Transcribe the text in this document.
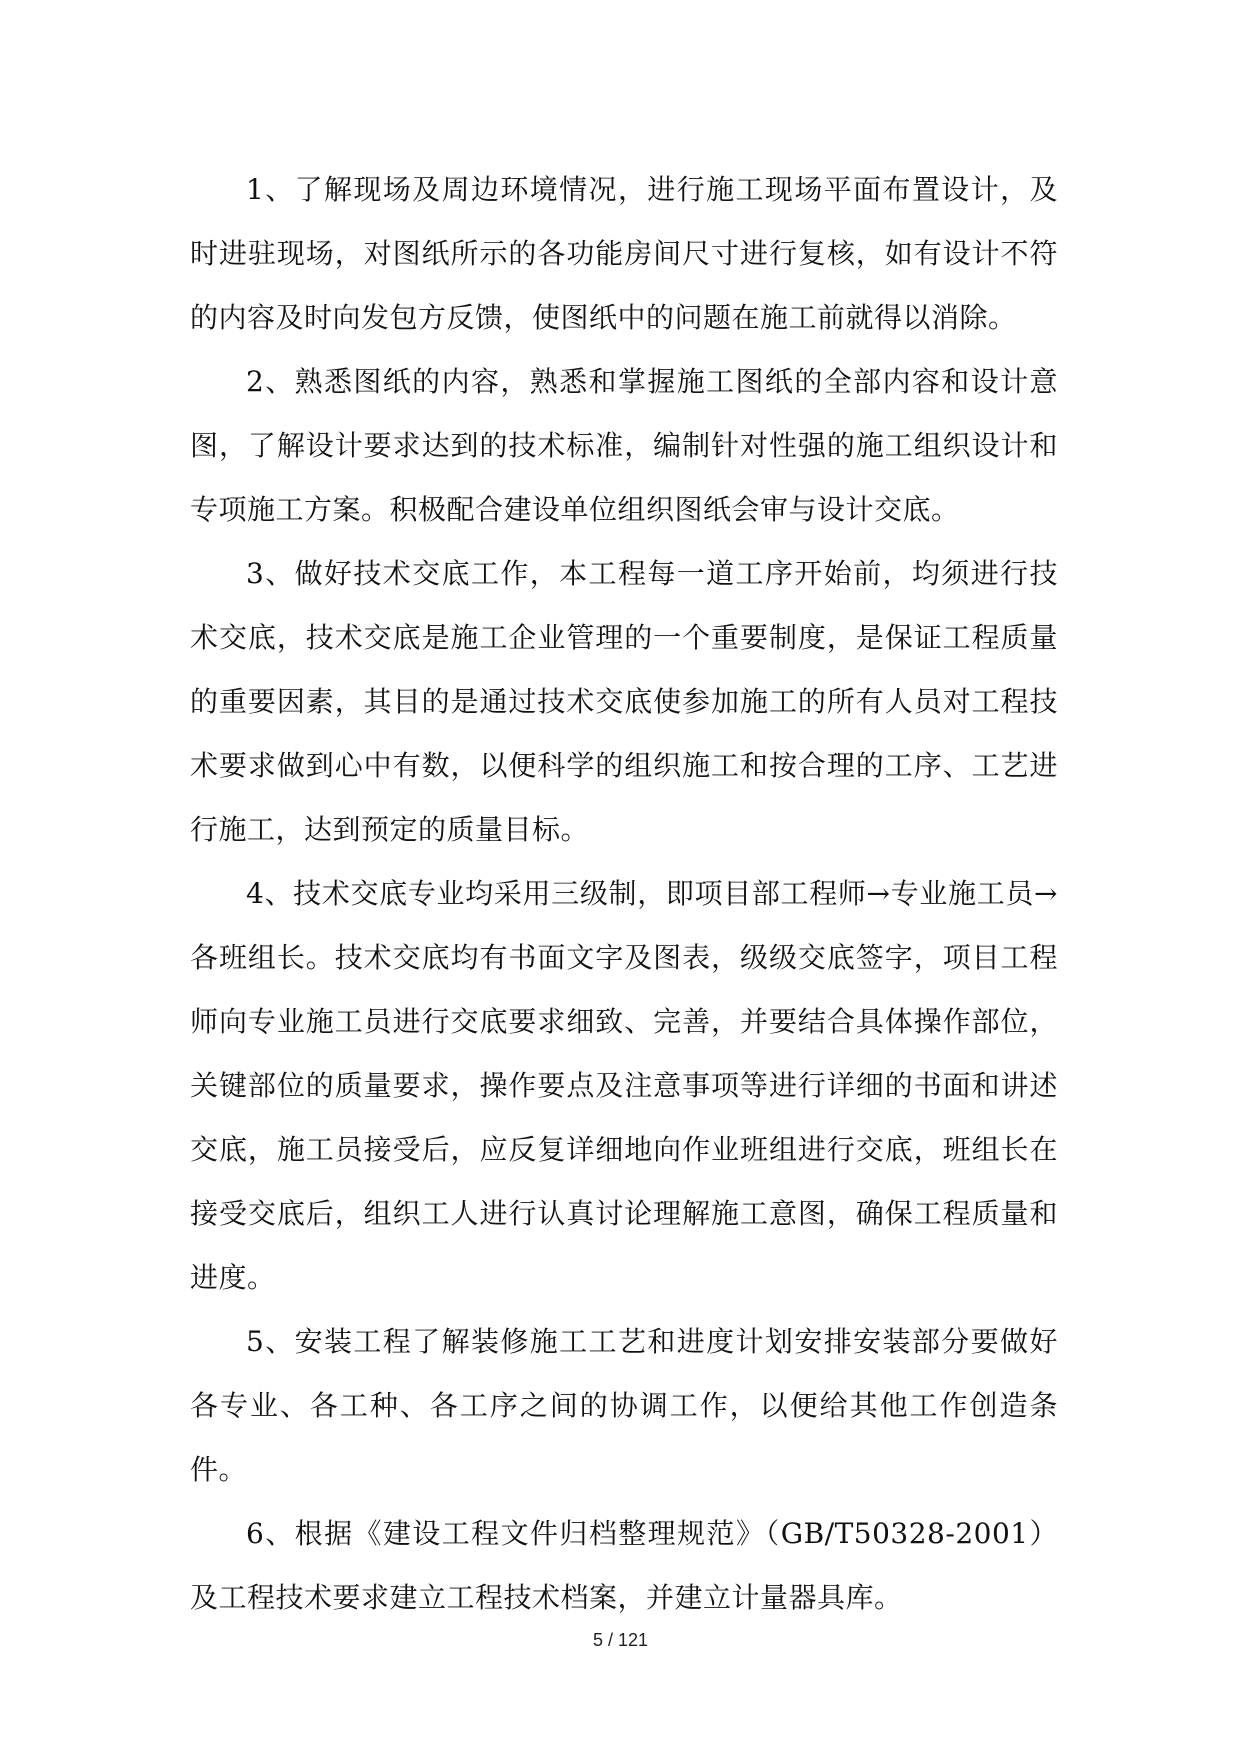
1、了解现场及周边环境情况，进行施工现场平面布置设计，及时进驻现场，对图纸所示的各功能房间尺寸进行复核，如有设计不符的内容及时向发包方反馈，使图纸中的问题在施工前就得以消除。

2、熟悉图纸的内容，熟悉和掌握施工图纸的全部内容和设计意图，了解设计要求达到的技术标准，编制针对性强的施工组织设计和专项施工方案。积极配合建设单位组织图纸会审与设计交底。

3、做好技术交底工作，本工程每一道工序开始前，均须进行技术交底，技术交底是施工企业管理的一个重要制度，是保证工程质量的重要因素，其目的是通过技术交底使参加施工的所有人员对工程技术要求做到心中有数，以便科学的组织施工和按合理的工序、工艺进行施工，达到预定的质量目标。

4、技术交底专业均采用三级制，即项目部工程师→专业施工员→各班组长。技术交底均有书面文字及图表，级级交底签字，项目工程师向专业施工员进行交底要求细致、完善，并要结合具体操作部位，关键部位的质量要求，操作要点及注意事项等进行详细的书面和讲述交底，施工员接受后，应反复详细地向作业班组进行交底，班组长在接受交底后，组织工人进行认真讨论理解施工意图，确保工程质量和进度。

5、安装工程了解装修施工工艺和进度计划安排安装部分要做好各专业、各工种、各工序之间的协调工作，以便给其他工作创造条件。

6、根据《建设工程文件归档整理规范》（GB/T50328-2001）及工程技术要求建立工程技术档案，并建立计量器具库。

5 / 121
